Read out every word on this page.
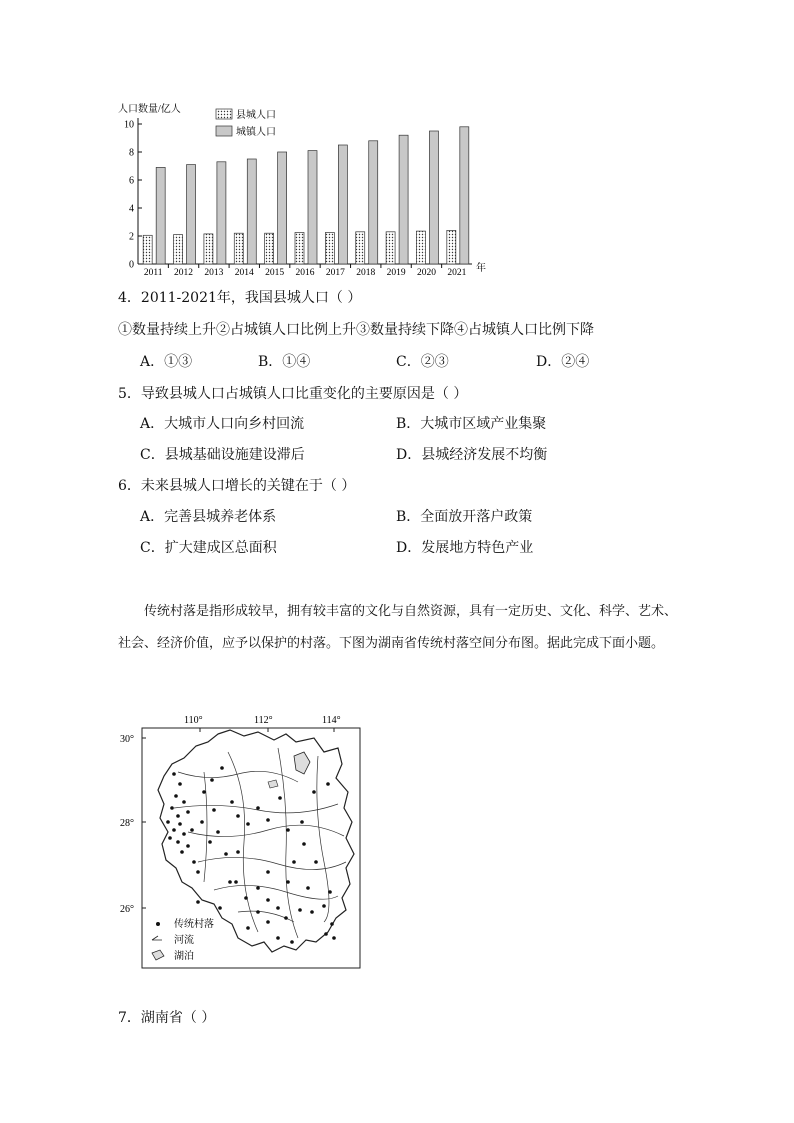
0
2
4
6
8
10
人口数量/亿人
年
2011 2012 2013 2014 2015 2016 2017 2018 2019 2020 2021
县城人口
城镇人口
4．2011-2021年，我国县城人口（ ）
①数量持续上升②占城镇人口比例上升③数量持续下降④占城镇人口比例下降
A．①③	B．①④	C．②③	D．②④
5．导致县城人口占城镇人口比重变化的主要原因是（ ）
A．大城市人口向乡村回流	B．大城市区域产业集聚
C．县城基础设施建设滞后	D．县城经济发展不均衡
6．未来县城人口增长的关键在于（ ）
A．完善县城养老体系	B．全面放开落户政策
C．扩大建成区总面积	D．发展地方特色产业

传统村落是指形成较早，拥有较丰富的文化与自然资源，具有一定历史、文化、科学、艺术、社会、经济价值，应予以保护的村落。下图为湖南省传统村落空间分布图。据此完成下面小题。

110°	112°	114°
30°
28°
26°
传统村落
河流
湖泊
7．湖南省（ ）
